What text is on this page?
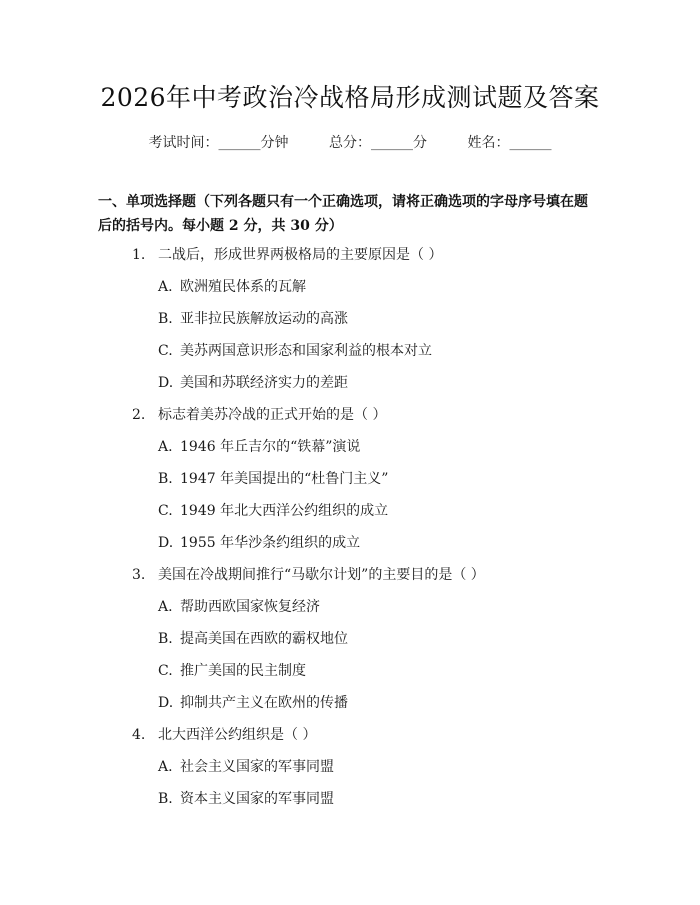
2026年中考政治冷战格局形成测试题及答案
考试时间：______分钟	总分：______分	姓名：______
一、单项选择题（下列各题只有一个正确选项，请将正确选项的字母序号填在题后的括号内。每小题 2 分，共 30 分）
1. 二战后，形成世界两极格局的主要原因是（ ）
A. 欧洲殖民体系的瓦解
B. 亚非拉民族解放运动的高涨
C. 美苏两国意识形态和国家利益的根本对立
D. 美国和苏联经济实力的差距
2. 标志着美苏冷战的正式开始的是（ ）
A. 1946 年丘吉尔的“铁幕”演说
B. 1947 年美国提出的“杜鲁门主义”
C. 1949 年北大西洋公约组织的成立
D. 1955 年华沙条约组织的成立
3. 美国在冷战期间推行“马歇尔计划”的主要目的是（ ）
A. 帮助西欧国家恢复经济
B. 提高美国在西欧的霸权地位
C. 推广美国的民主制度
D. 抑制共产主义在欧州的传播
4. 北大西洋公约组织是（ ）
A. 社会主义国家的军事同盟
B. 资本主义国家的军事同盟
